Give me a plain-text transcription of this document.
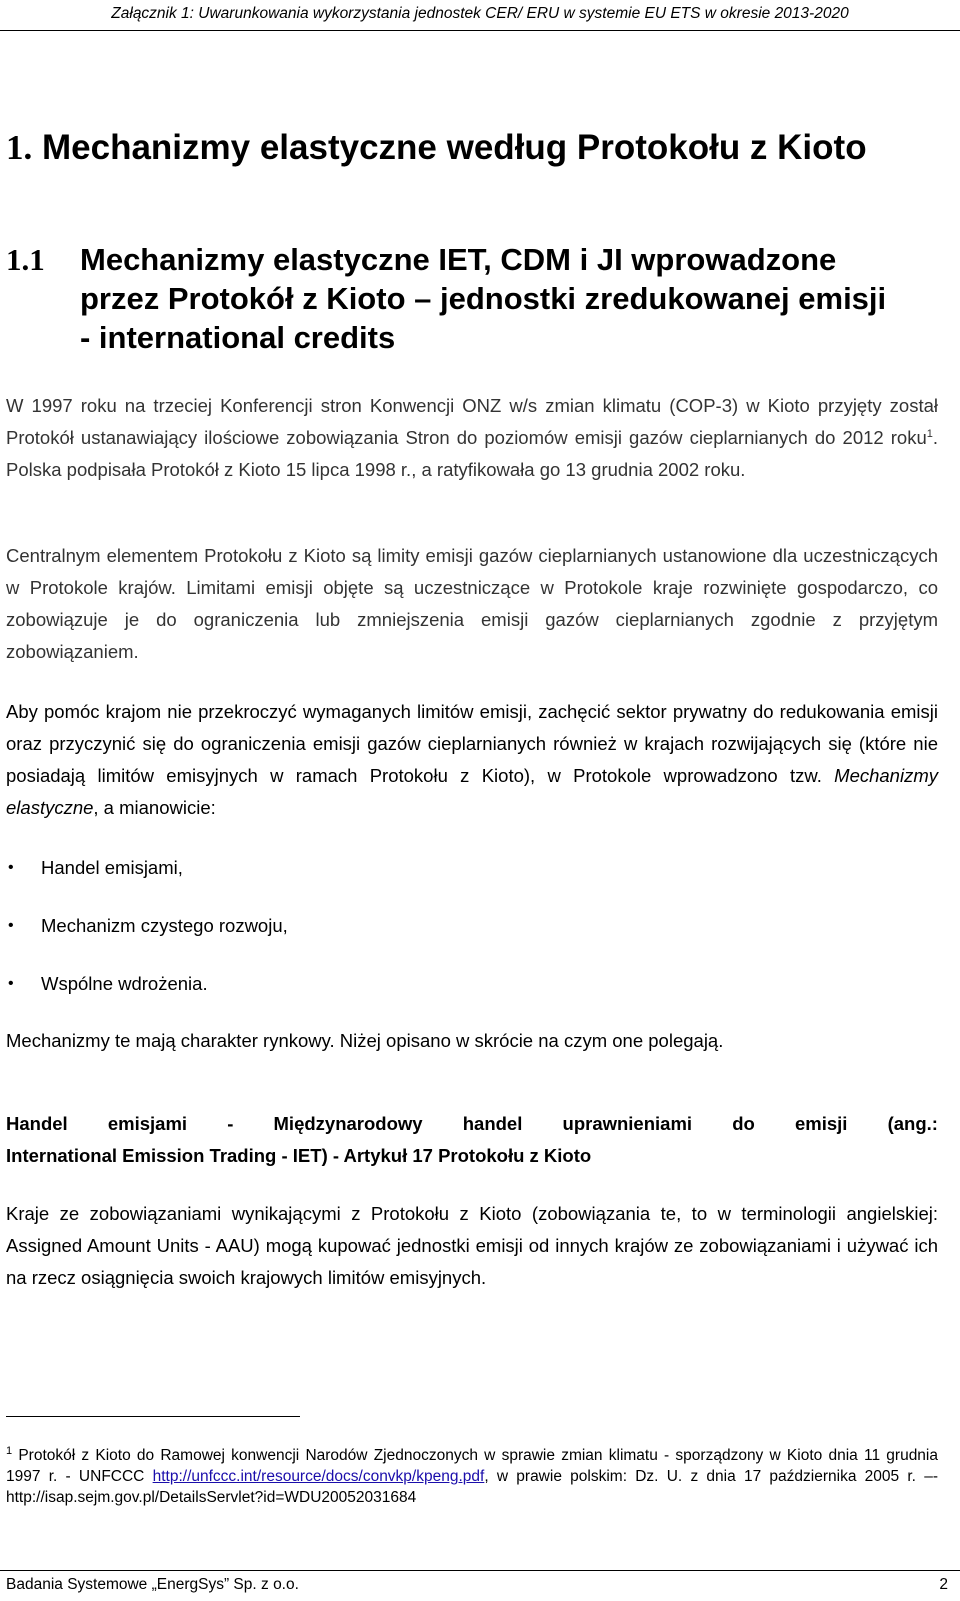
Załącznik 1: Uwarunkowania wykorzystania jednostek CER/ ERU w systemie EU ETS w okresie 2013-2020
1. Mechanizmy elastyczne według Protokołu z Kioto
1.1	Mechanizmy elastyczne IET, CDM i JI wprowadzone
przez Protokół z Kioto – jednostki zredukowanej emisji
- international credits

W 1997 roku na trzeciej Konferencji stron Konwencji ONZ w/s zmian klimatu (COP-3) w Kioto przyjęty został Protokół ustanawiający ilościowe zobowiązania Stron do poziomów emisji gazów cieplarnianych do 2012 roku$^1$. Polska podpisała Protokół z Kioto 15 lipca 1998 r., a ratyfikowała go 13 grudnia 2002 roku.

Centralnym elementem Protokołu z Kioto są limity emisji gazów cieplarnianych ustanowione dla uczestniczących w Protokole krajów. Limitami emisji objęte są uczestniczące w Protokole kraje rozwinięte gospodarczo, co zobowiązuje je do ograniczenia lub zmniejszenia emisji gazów cieplarnianych zgodnie z przyjętym zobowiązaniem.

Aby pomóc krajom nie przekroczyć wymaganych limitów emisji, zachęcić sektor prywatny do redukowania emisji oraz przyczynić się do ograniczenia emisji gazów cieplarnianych również w krajach rozwijających się (które nie posiadają limitów emisyjnych w ramach Protokołu z Kioto), w Protokole wprowadzono tzw. Mechanizmy elastyczne, a mianowicie:

• Handel emisjami,
• Mechanizm czystego rozwoju,
• Wspólne wdrożenia.

Mechanizmy te mają charakter rynkowy. Niżej opisano w skrócie na czym one polegają.

Handel emisjami - Międzynarodowy handel uprawnieniami do emisji (ang.:
International Emission Trading - IET) - Artykuł 17 Protokołu z Kioto

Kraje ze zobowiązaniami wynikającymi z Protokołu z Kioto (zobowiązania te, to w terminologii angielskiej: Assigned Amount Units - AAU) mogą kupować jednostki emisji od innych krajów ze zobowiązaniami i używać ich na rzecz osiągnięcia swoich krajowych limitów emisyjnych.

$^1$ Protokół z Kioto do Ramowej konwencji Narodów Zjednoczonych w sprawie zmian klimatu - sporządzony w Kioto dnia 11 grudnia 1997 r. - UNFCCC http://unfccc.int/resource/docs/convkp/kpeng.pdf, w prawie polskim: Dz. U. z dnia 17 października 2005 r. –- http://isap.sejm.gov.pl/DetailsServlet?id=WDU20052031684

Badania Systemowe „EnergSys” Sp. z o.o.	2
